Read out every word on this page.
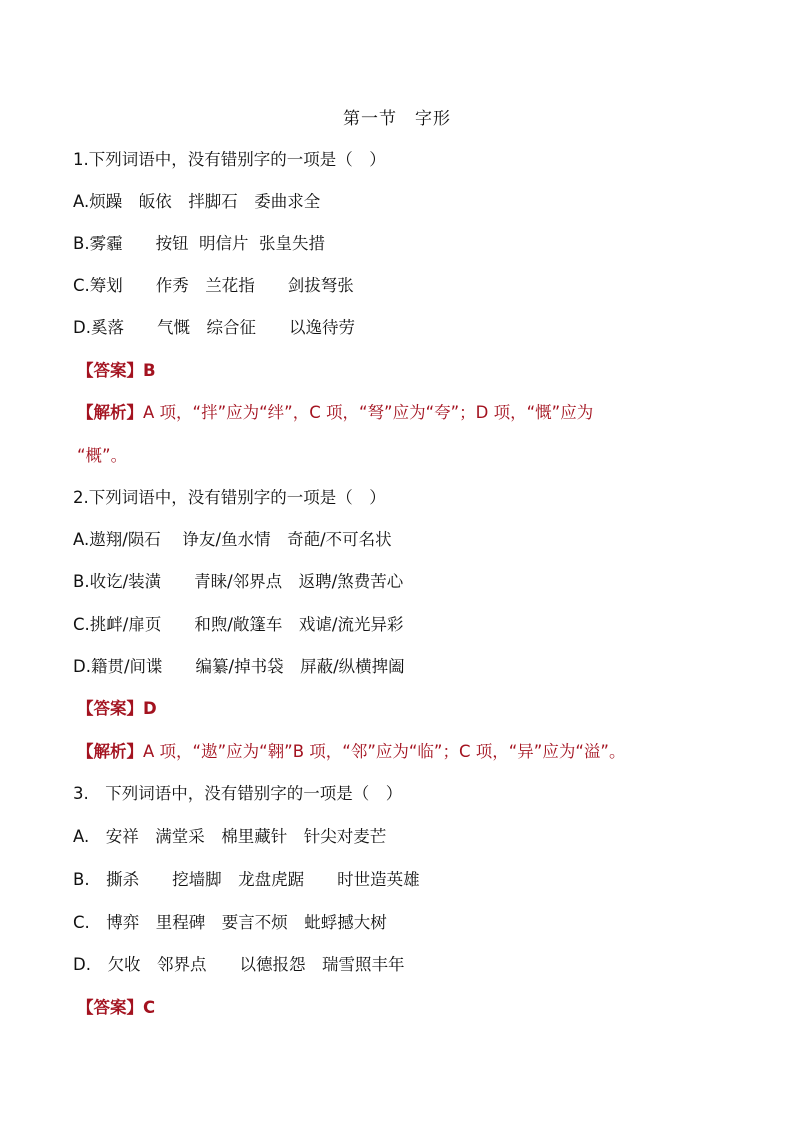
第一节　字形
1.下列词语中，没有错别字的一项是（　）
A.烦躁　皈依　拌脚石　委曲求全
B.雾霾　　按钮  明信片  张皇失措
C.筹划　　作秀　兰花指　　剑拔弩张
D.奚落　　气慨　综合征　　以逸待劳
【答案】B
【解析】A 项，“拌”应为“绊”，C 项，“弩”应为“夸”；D 项，“慨”应为
“概”。
2.下列词语中，没有错别字的一项是（　）
A.遨翔/陨石　 诤友/鱼水情　奇葩/不可名状
B.收讫/装潢　　青睐/邻界点　返聘/煞费苦心
C.挑衅/扉页　　和煦/敞篷车　戏谑/流光异彩
D.籍贯/间谍　　编纂/掉书袋　屏蔽/纵横捭阖
【答案】D
【解析】A 项，“遨”应为“翱”B 项，“邻”应为“临”；C 项，“异”应为“溢”。
3.　下列词语中，没有错别字的一项是（　）
A.　安祥　满堂采　棉里藏针　针尖对麦芒
B.　撕杀　　挖墙脚　龙盘虎踞　　时世造英雄
C.　博弈　里程碑　要言不烦　蚍蜉撼大树
D.　欠收　邻界点　　以德报怨　瑞雪照丰年
【答案】C
